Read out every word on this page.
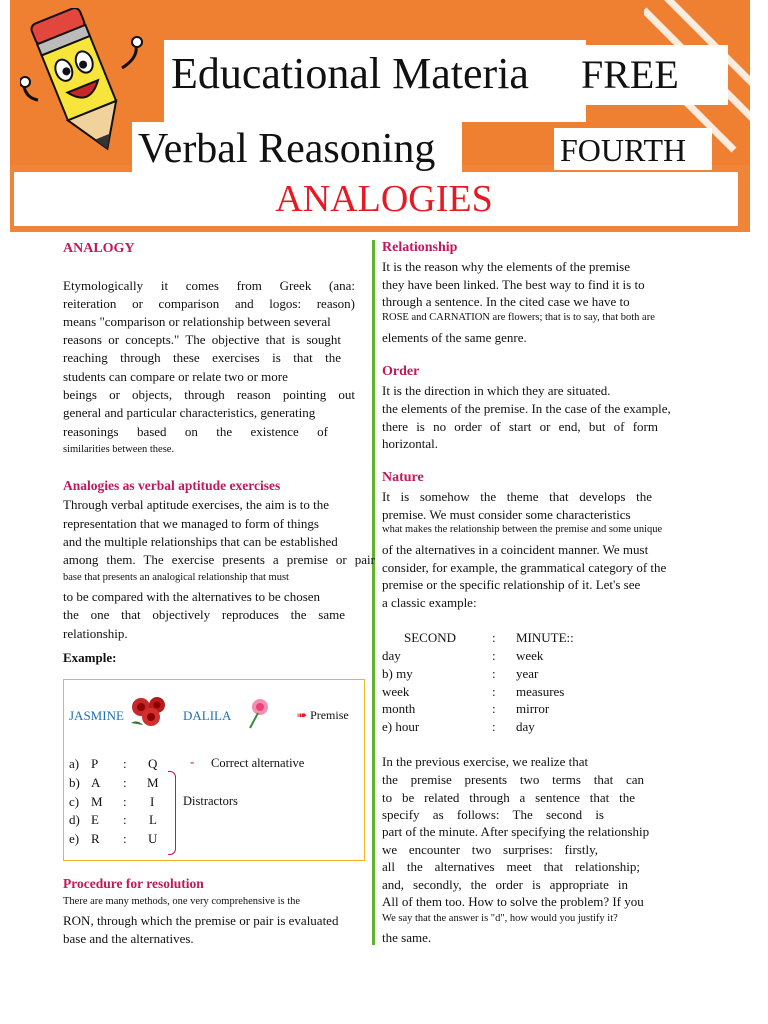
Educational Materia FREE
Verbal Reasoning	FOURTH
ANALOGIES
ANALOGY
Etymologically it comes from Greek (ana:
reiteration or comparison and logos: reason)
means "comparison or relationship between several
reasons or concepts." The objective that is sought
reaching through these exercises is that the
students can compare or relate two or more
beings or objects, through reason pointing out
general and particular characteristics, generating
reasonings based on the existence of
similarities between these.
Analogies as verbal aptitude exercises
Through verbal aptitude exercises, the aim is to the
representation that we managed to form of things
and the multiple relationships that can be established
among them. The exercise presents a premise or pair
base that presents an analogical relationship that must
to be compared with the alternatives to be chosen
the one that objectively reproduces the same
relationship.
Example:
JASMINE	DALILA	➠ Premise
a) P : Q
b) A : M
c) M : I
d) E : L
e) R : U
- Correct alternative
Distractors
Procedure for resolution
There are many methods, one very comprehensive is the
RON, through which the premise or pair is evaluated
base and the alternatives.
Relationship
It is the reason why the elements of the premise
they have been linked. The best way to find it is to
through a sentence. In the cited case we have to
ROSE and CARNATION are flowers; that is to say, that both are
elements of the same genre.
Order
It is the direction in which they are situated.
the elements of the premise. In the case of the example,
there is no order of start or end, but of form
horizontal.
Nature
It is somehow the theme that develops the
premise. We must consider some characteristics
what makes the relationship between the premise and some unique
of the alternatives in a coincident manner. We must
consider, for example, the grammatical category of the
premise or the specific relationship of it. Let's see
a classic example:
SECOND	: MINUTE::
day	: week
b) my	: year
week	: measures
month	: mirror
e) hour	: day
In the previous exercise, we realize that
the premise presents two terms that can
to be related through a sentence that the
specify as follows: The second is
part of the minute. After specifying the relationship
we encounter two surprises: firstly,
all the alternatives meet that relationship;
and, secondly, the order is appropriate in
All of them too. How to solve the problem? If you
We say that the answer is "d", how would you justify it?
the same.
